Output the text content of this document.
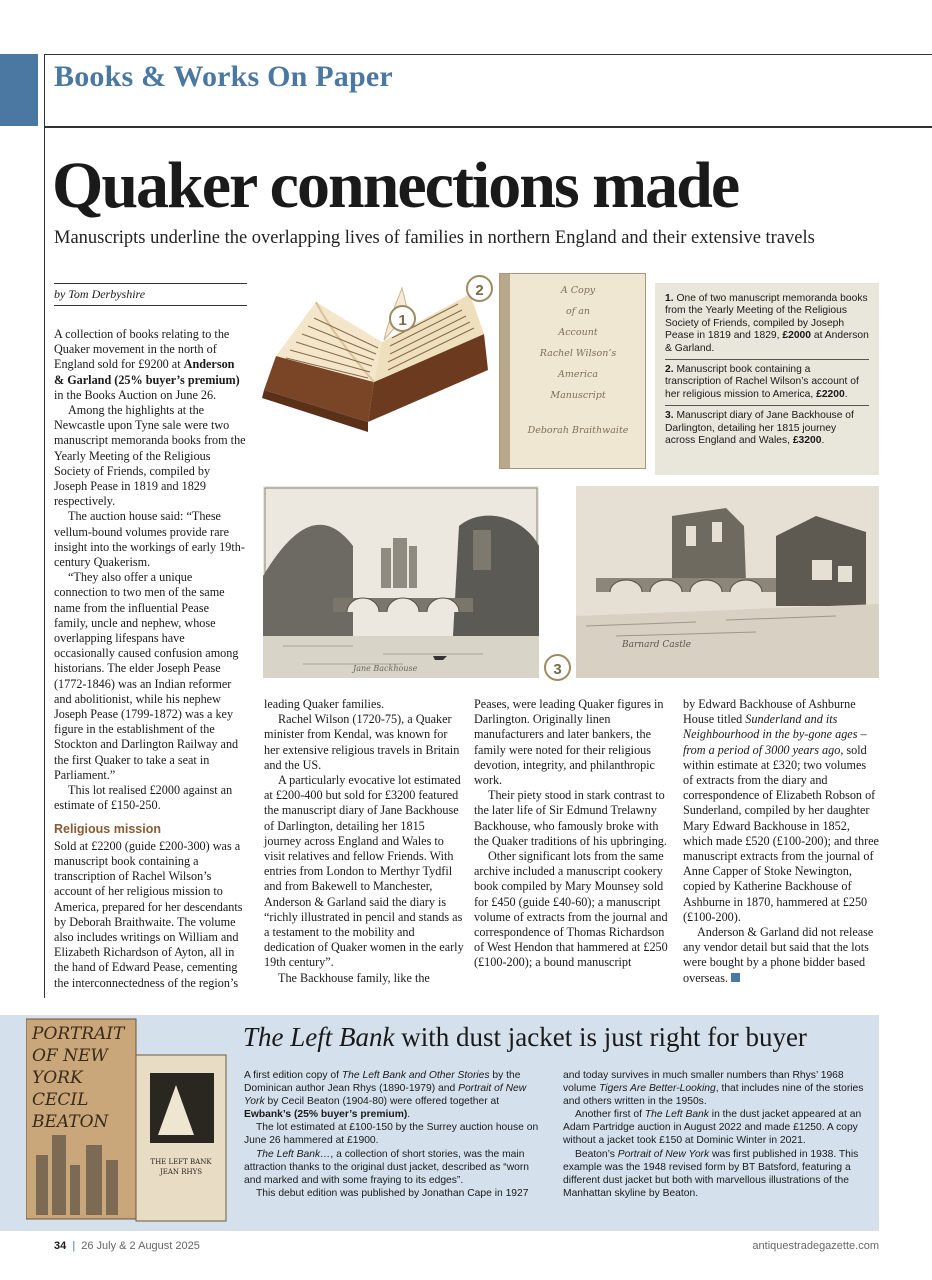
Books & Works On Paper
Quaker connections made
Manuscripts underline the overlapping lives of families in northern England and their extensive travels
by Tom Derbyshire

A collection of books relating to the Quaker movement in the north of England sold for £9200 at Anderson & Garland (25% buyer’s premium) in the Books Auction on June 26.

Among the highlights at the Newcastle upon Tyne sale were two manuscript memoranda books from the Yearly Meeting of the Religious Society of Friends, compiled by Joseph Pease in 1819 and 1829 respectively.

The auction house said: “These vellum-bound volumes provide rare insight into the workings of early 19th-century Quakerism.

“They also offer a unique connection to two men of the same name from the influential Pease family, uncle and nephew, whose overlapping lifespans have occasionally caused confusion among historians. The elder Joseph Pease (1772-1846) was an Indian reformer and abolitionist, while his nephew Joseph Pease (1799-1872) was a key figure in the establishment of the Stockton and Darlington Railway and the first Quaker to take a seat in Parliament.”

This lot realised £2000 against an estimate of £150-250.

Religious mission

Sold at £2200 (guide £200-300) was a manuscript book containing a transcription of Rachel Wilson’s account of her religious mission to America, prepared for her descendants by Deborah Braithwaite. The volume also includes writings on William and Elizabeth Richardson of Ayton, all in the hand of Edward Pease, cementing the interconnectedness of the region’s

1
A Copy
of an
Account
Rachel Wilson’s
America
Manuscript
Deborah Braithwaite
2	1. One of two manuscript memoranda books from the Yearly Meeting of the Religious Society of Friends, compiled by Joseph Pease in 1819 and 1829, £2000 at Anderson & Garland.
2. Manuscript book containing a transcription of Rachel Wilson’s account of her religious mission to America, £2200.
3. Manuscript diary of Jane Backhouse of Darlington, detailing her 1815 journey across England and Wales, £3200.
Jane Backhouse
Barnard Castle
3

leading Quaker families.

Rachel Wilson (1720-75), a Quaker minister from Kendal, was known for her extensive religious travels in Britain and the US.

A particularly evocative lot estimated at £200-400 but sold for £3200 featured the manuscript diary of Jane Backhouse of Darlington, detailing her 1815 journey across England and Wales to visit relatives and fellow Friends. With entries from London to Merthyr Tydfil and from Bakewell to Manchester, Anderson & Garland said the diary is “richly illustrated in pencil and stands as a testament to the mobility and dedication of Quaker women in the early 19th century”.

The Backhouse family, like the

Peases, were leading Quaker figures in Darlington. Originally linen manufacturers and later bankers, the family were noted for their religious devotion, integrity, and philanthropic work.

Their piety stood in stark contrast to the later life of Sir Edmund Trelawny Backhouse, who famously broke with the Quaker traditions of his upbringing.

Other significant lots from the same archive included a manuscript cookery book compiled by Mary Mounsey sold for £450 (guide £40-60); a manuscript volume of extracts from the journal and correspondence of Thomas Richardson of West Hendon that hammered at £250 (£100-200); a bound manuscript

by Edward Backhouse of Ashburne House titled Sunderland and its Neighbourhood in the by-gone ages – from a period of 3000 years ago, sold within estimate at £320; two volumes of extracts from the diary and correspondence of Elizabeth Robson of Sunderland, compiled by her daughter Mary Edward Backhouse in 1852, which made £520 (£100-200); and three manuscript extracts from the journal of Anne Capper of Stoke Newington, copied by Katherine Backhouse of Ashburne in 1870, hammered at £250 (£100-200).

Anderson & Garland did not release any vendor detail but said that the lots were bought by a phone bidder based overseas.

PORTRAIT OF NEW YORK CECIL BEATON
THE LEFT BANK
JEAN RHYS
The Left Bank with dust jacket is just right for buyer

A first edition copy of The Left Bank and Other Stories by the Dominican author Jean Rhys (1890-1979) and Portrait of New York by Cecil Beaton (1904-80) were offered together at Ewbank’s (25% buyer’s premium).

The lot estimated at £100-150 by the Surrey auction house on June 26 hammered at £1900.

The Left Bank…, a collection of short stories, was the main attraction thanks to the original dust jacket, described as “worn and marked and with some fraying to its edges”.

This debut edition was published by Jonathan Cape in 1927

and today survives in much smaller numbers than Rhys’ 1968 volume Tigers Are Better-Looking, that includes nine of the stories and others written in the 1950s.

Another first of The Left Bank in the dust jacket appeared at an Adam Partridge auction in August 2022 and made £1250. A copy without a jacket took £150 at Dominic Winter in 2021.

Beaton’s Portrait of New York was first published in 1938. This example was the 1948 revised form by BT Batsford, featuring a different dust jacket but both with marvellous illustrations of the Manhattan skyline by Beaton.

34 | 26 July & 2 August 2025	antiquestradegazette.com
